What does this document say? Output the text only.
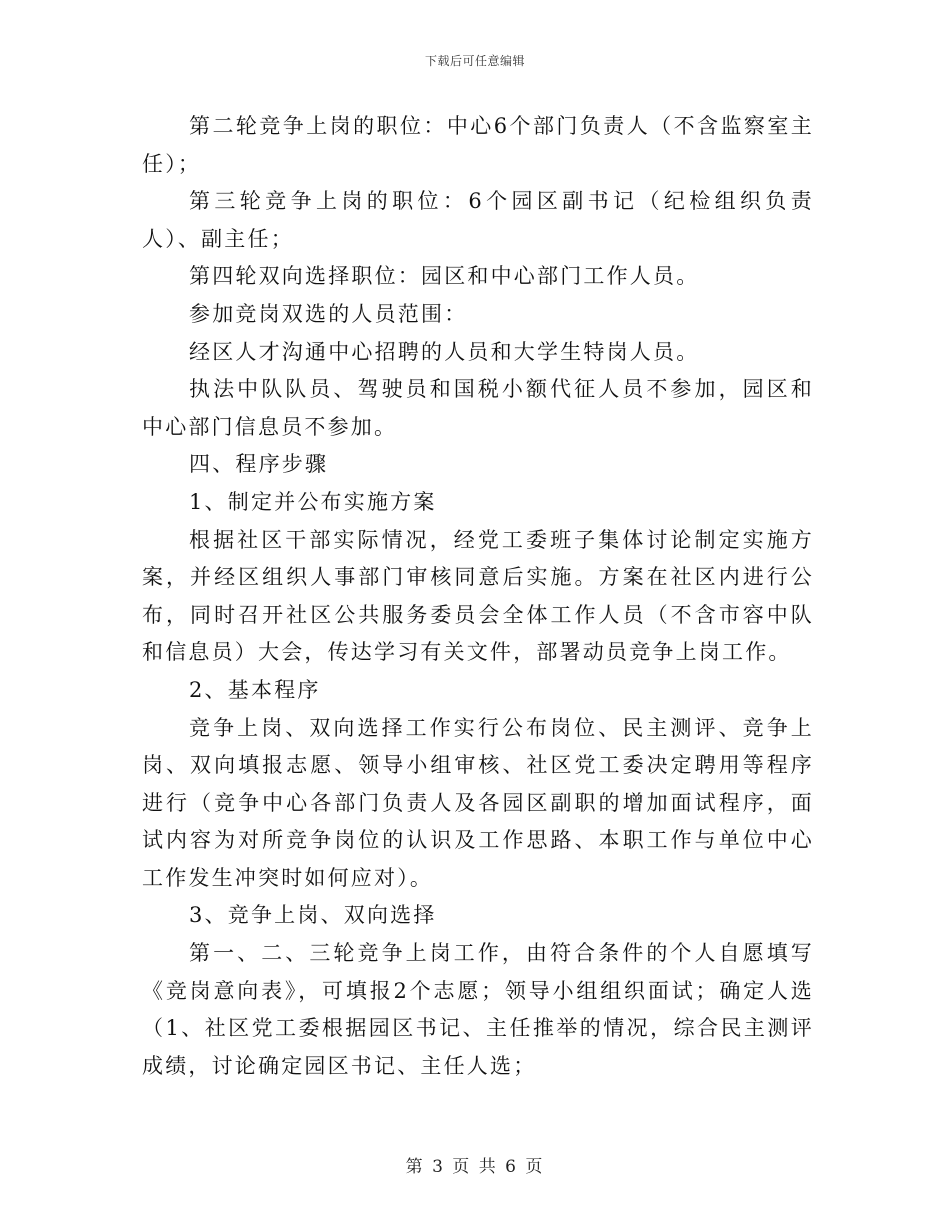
下载后可任意编辑

第二轮竞争上岗的职位：中心6个部门负责人（不含监察室主任）；

第三轮竞争上岗的职位：6个园区副书记（纪检组织负责人）、副主任；

第四轮双向选择职位：园区和中心部门工作人员。

参加竞岗双选的人员范围：

经区人才沟通中心招聘的人员和大学生特岗人员。

执法中队队员、驾驶员和国税小额代征人员不参加，园区和中心部门信息员不参加。

四、程序步骤

1、制定并公布实施方案

根据社区干部实际情况，经党工委班子集体讨论制定实施方案，并经区组织人事部门审核同意后实施。方案在社区内进行公布，同时召开社区公共服务委员会全体工作人员（不含市容中队和信息员）大会，传达学习有关文件，部署动员竞争上岗工作。

2、基本程序

竞争上岗、双向选择工作实行公布岗位、民主测评、竞争上岗、双向填报志愿、领导小组审核、社区党工委决定聘用等程序进行（竞争中心各部门负责人及各园区副职的增加面试程序，面试内容为对所竞争岗位的认识及工作思路、本职工作与单位中心工作发生冲突时如何应对）。

3、竞争上岗、双向选择

第一、二、三轮竞争上岗工作，由符合条件的个人自愿填写《竞岗意向表》，可填报2个志愿；领导小组组织面试；确定人选（1、社区党工委根据园区书记、主任推举的情况，综合民主测评成绩，讨论确定园区书记、主任人选；

第 3 页 共 6 页
